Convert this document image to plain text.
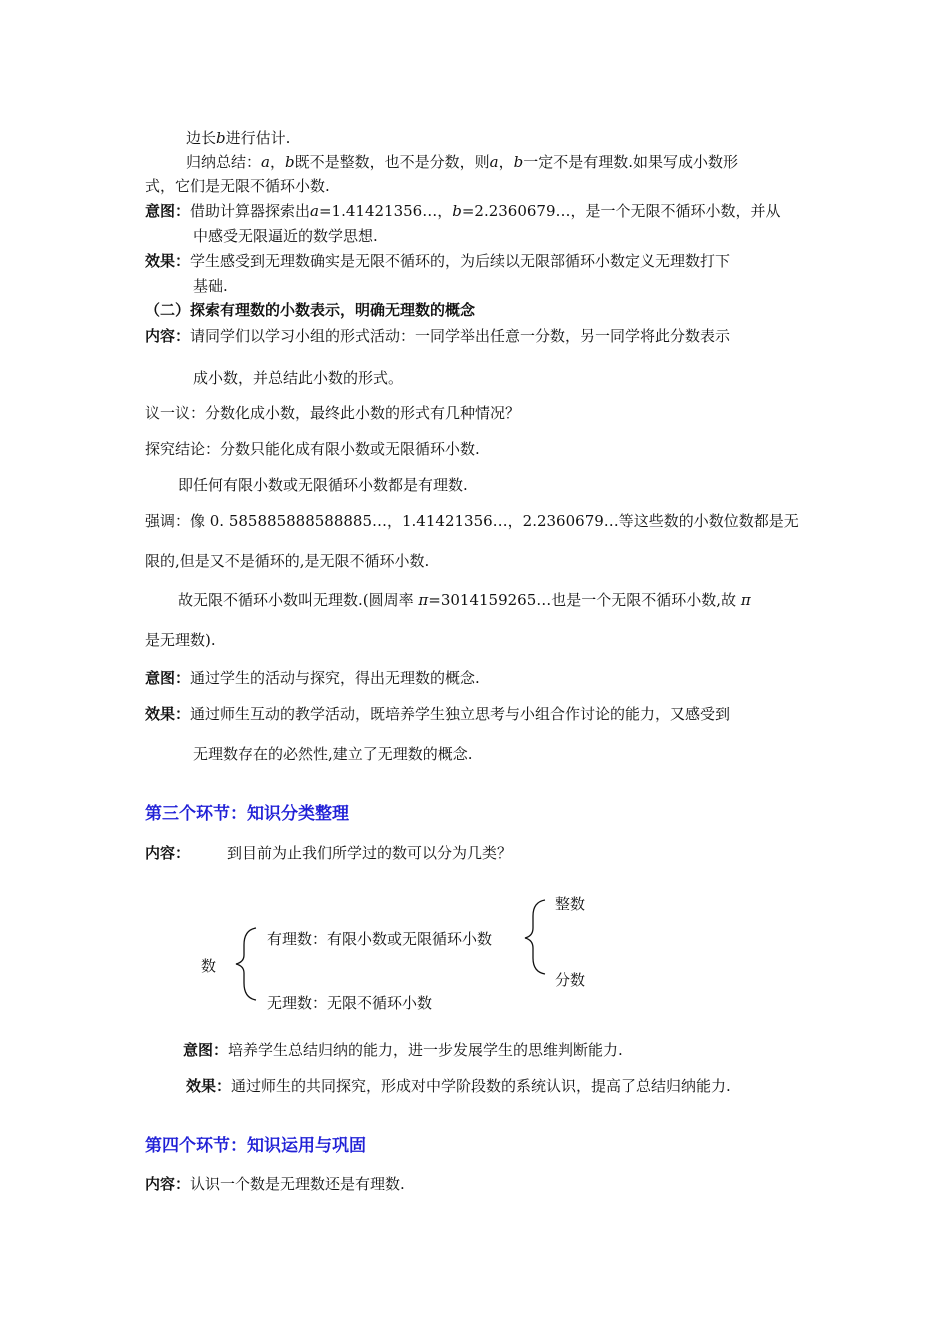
边长b进行估计.
归纳总结：a，b既不是整数，也不是分数，则a，b一定不是有理数.如果写成小数形
式，它们是无限不循环小数.
意图：借助计算器探索出a=1.41421356…，b=2.2360679…，是一个无限不循环小数，并从
中感受无限逼近的数学思想.
效果：学生感受到无理数确实是无限不循环的，为后续以无限部循环小数定义无理数打下
基础.
（二）探索有理数的小数表示，明确无理数的概念
内容：请同学们以学习小组的形式活动：一同学举出任意一分数，另一同学将此分数表示
成小数，并总结此小数的形式。
议一议：分数化成小数，最终此小数的形式有几种情况？
探究结论：分数只能化成有限小数或无限循环小数.
即任何有限小数或无限循环小数都是有理数.
强调：像 0. 585885888588885…，1.41421356…，2.2360679…等这些数的小数位数都是无
限的,但是又不是循环的,是无限不循环小数.
故无限不循环小数叫无理数.(圆周率 π=3014159265…也是一个无限不循环小数,故 π
是无理数).
意图：通过学生的活动与探究，得出无理数的概念.
效果：通过师生互动的教学活动，既培养学生独立思考与小组合作讨论的能力，又感受到
无理数存在的必然性,建立了无理数的概念.
第三个环节：知识分类整理
内容： 到目前为止我们所学过的数可以分为几类？
数
有理数：有限小数或无限循环小数
无理数：无限不循环小数
整数
分数
意图：培养学生总结归纳的能力，进一步发展学生的思维判断能力.
效果：通过师生的共同探究，形成对中学阶段数的系统认识，提高了总结归纳能力.
第四个环节：知识运用与巩固
内容：认识一个数是无理数还是有理数.
